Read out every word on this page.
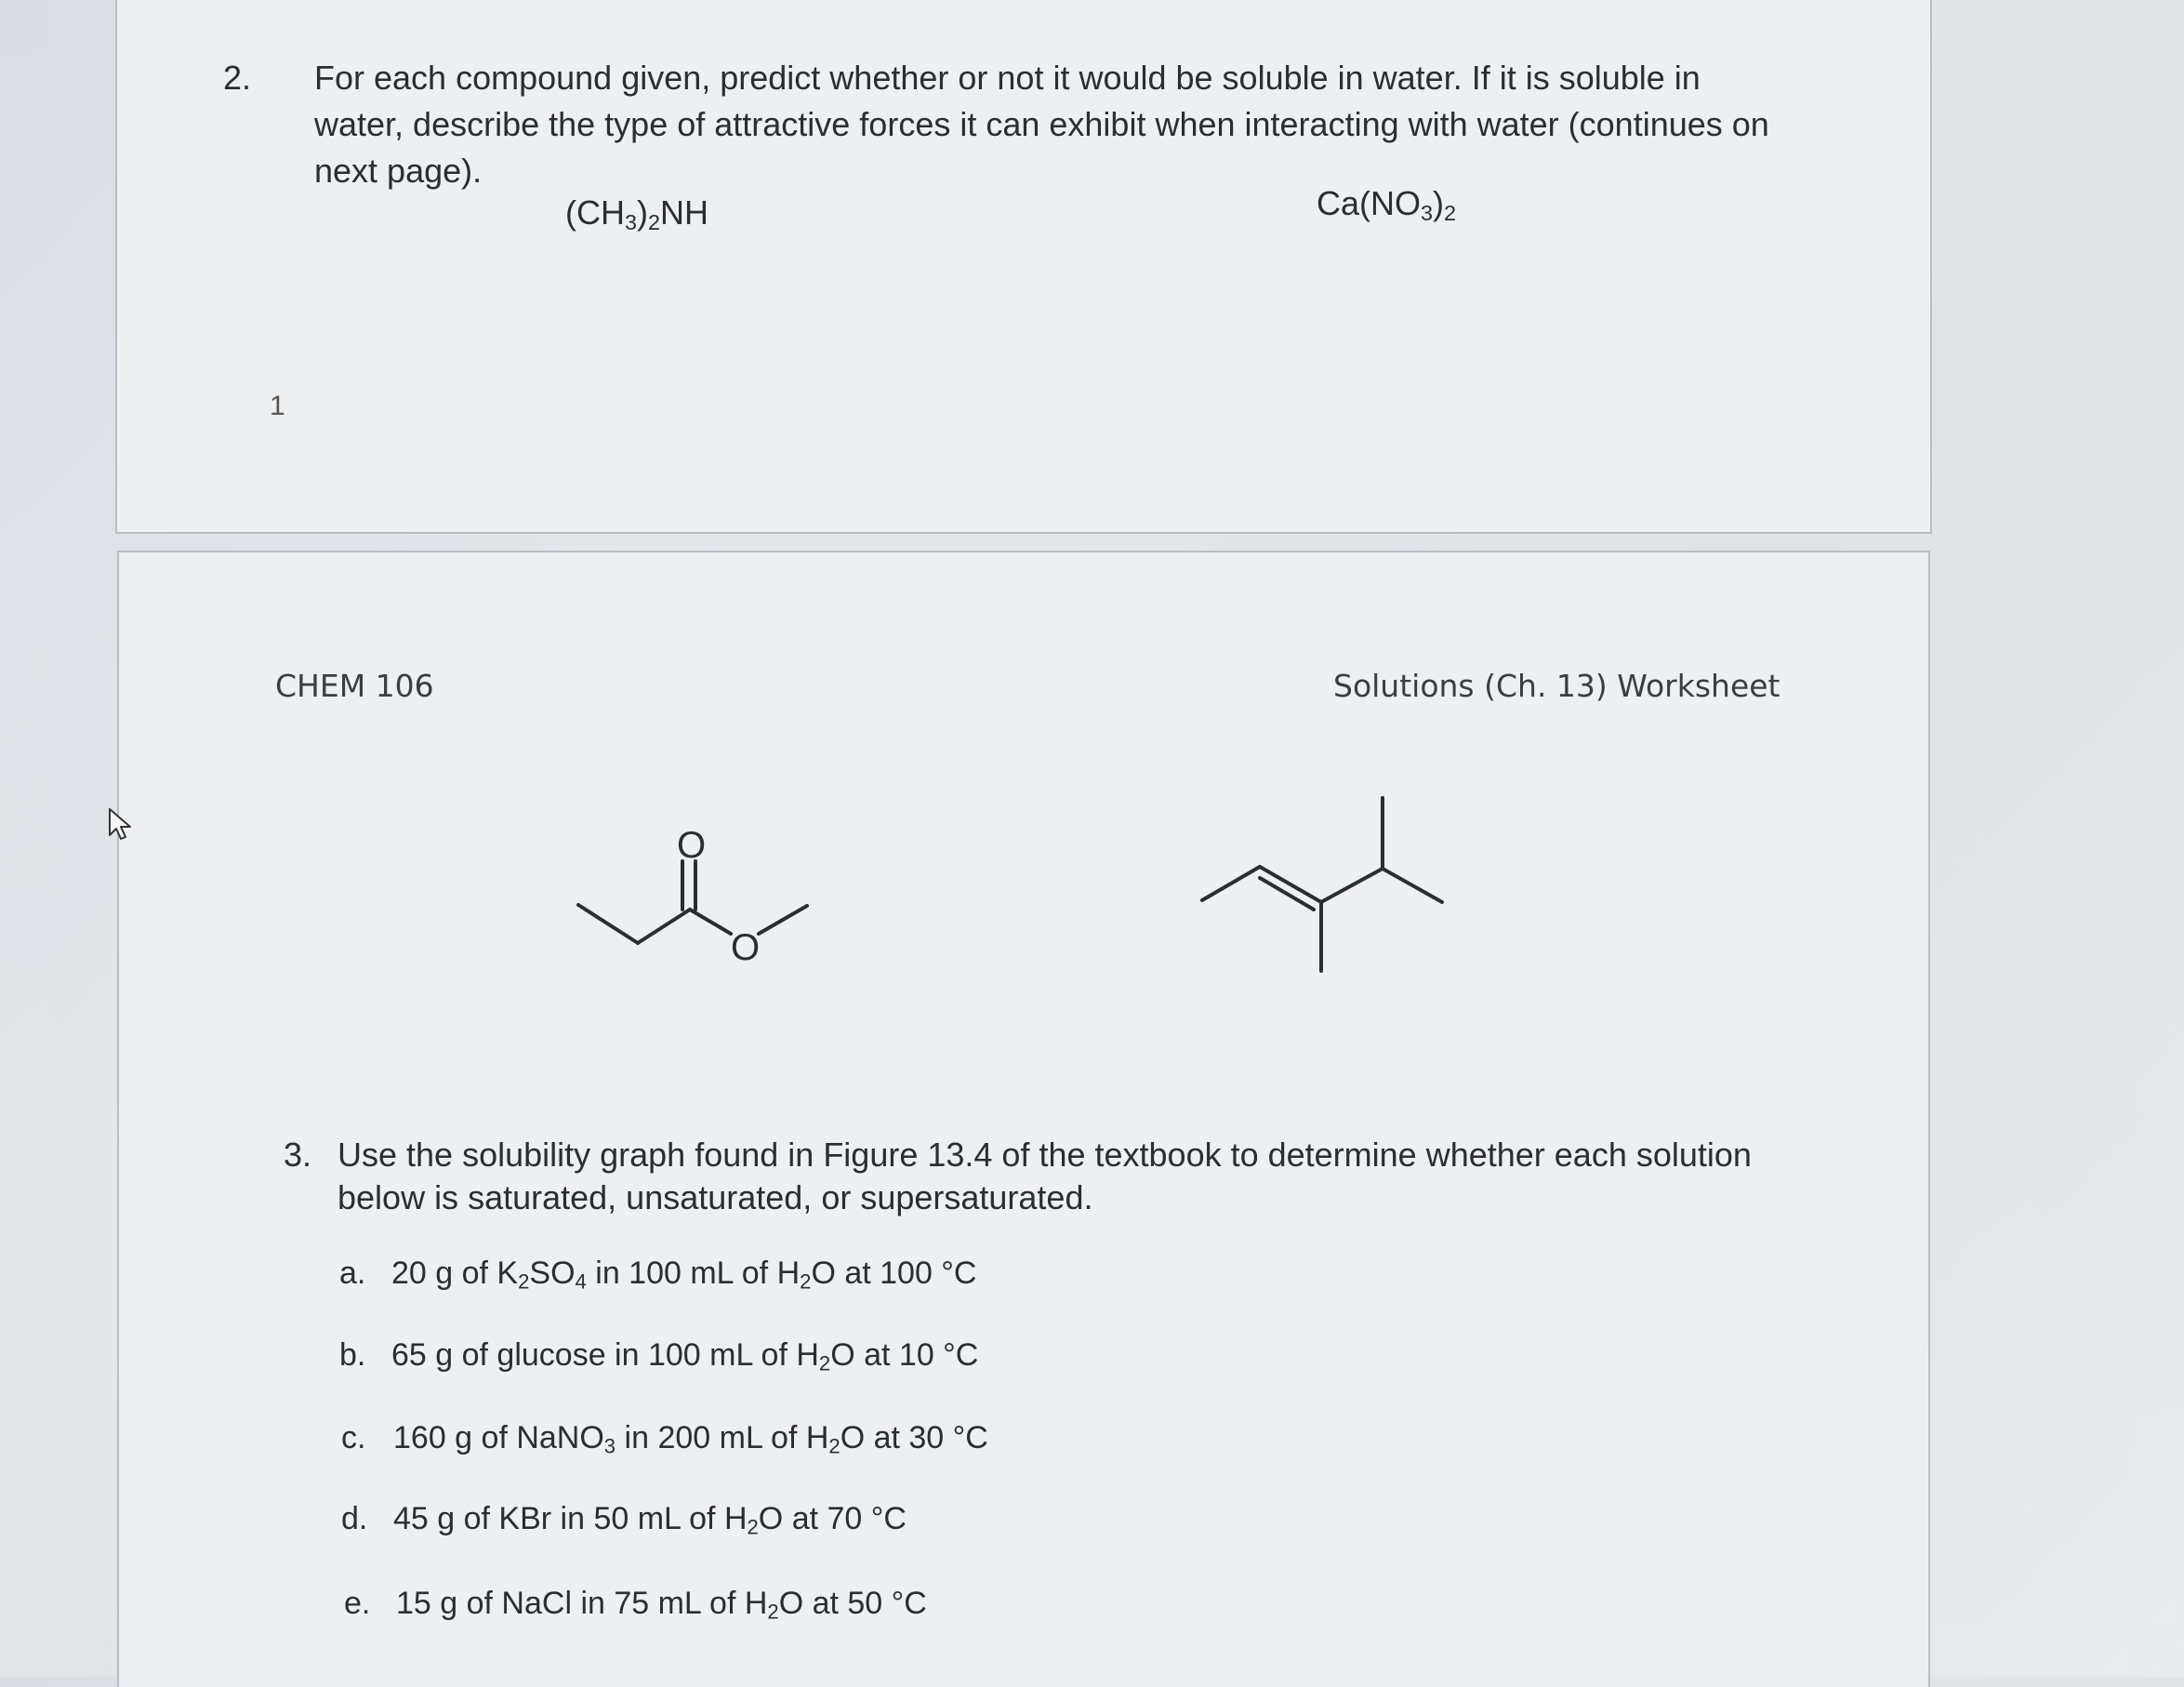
2. For each compound given, predict whether or not it would be soluble in water. If it is soluble in
water, describe the type of attractive forces it can exhibit when interacting with water (continues on
next page).
$(CH_3)_2NH$	$Ca(NO_3)_2$
1
CHEM 106	Solutions (Ch. 13) Worksheet
O
O
3. Use the solubility graph found in Figure 13.4 of the textbook to determine whether each solution
below is saturated, unsaturated, or supersaturated.
a. 20 g of $K_2SO_4$ in 100 mL of $H_2O$ at 100 °C
b. 65 g of glucose in 100 mL of $H_2O$ at 10 °C
c. 160 g of NaNO$_3$ in 200 mL of $H_2O$ at 30 °C
d. 45 g of KBr in 50 mL of $H_2O$ at 70 °C
e. 15 g of NaCl in 75 mL of $H_2O$ at 50 °C
